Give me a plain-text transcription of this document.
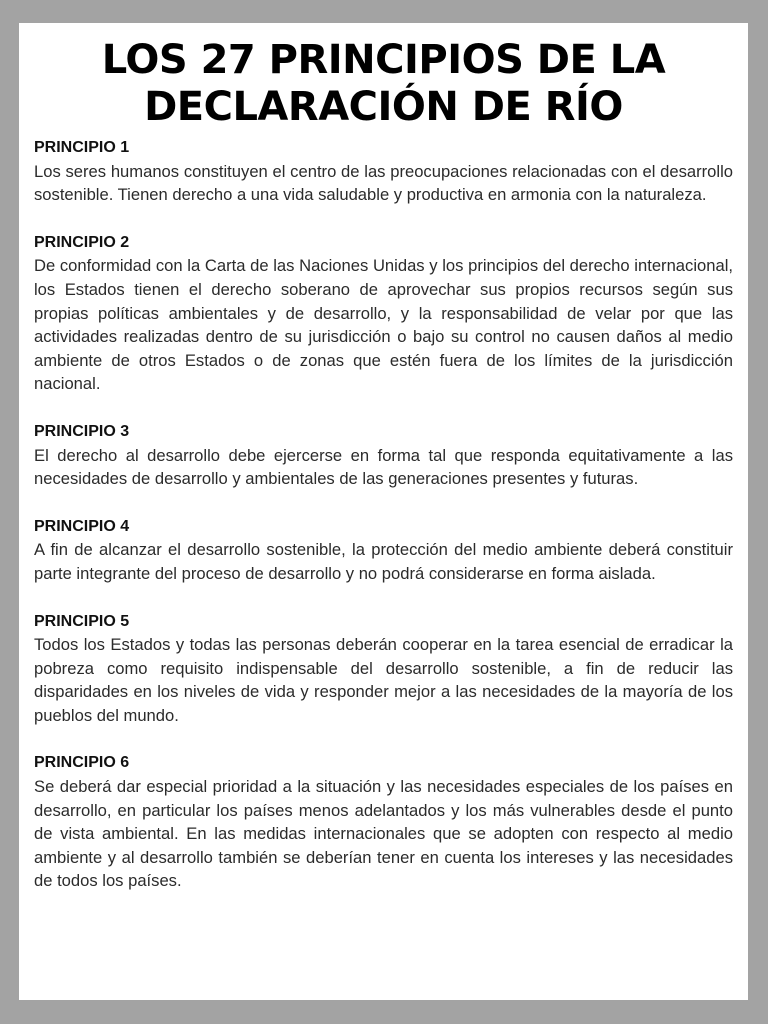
LOS 27 PRINCIPIOS DE LA
DECLARACIÓN DE RÍO

PRINCIPIO 1

Los seres humanos constituyen el centro de las preocupaciones relacionadas con el desarrollo sostenible. Tienen derecho a una vida saludable y productiva en armonia con la naturaleza.

PRINCIPIO 2

De conformidad con la Carta de las Naciones Unidas y los principios del derecho internacional, los Estados tienen el derecho soberano de aprovechar sus propios recursos según sus propias políticas ambientales y de desarrollo, y la responsabilidad de velar por que las actividades realizadas dentro de su jurisdicción o bajo su control no causen daños al medio ambiente de otros Estados o de zonas que estén fuera de los límites de la jurisdicción nacional.

PRINCIPIO 3

El derecho al desarrollo debe ejercerse en forma tal que responda equitativamente a las necesidades de desarrollo y ambientales de las generaciones presentes y futuras.

PRINCIPIO 4

A fin de alcanzar el desarrollo sostenible, la protección del medio ambiente deberá constituir parte integrante del proceso de desarrollo y no podrá considerarse en forma aislada.

PRINCIPIO 5

Todos los Estados y todas las personas deberán cooperar en la tarea esencial de erradicar la pobreza como requisito indispensable del desarrollo sostenible, a fin de reducir las disparidades en los niveles de vida y responder mejor a las necesidades de la mayoría de los pueblos del mundo.

PRINCIPIO 6

Se deberá dar especial prioridad a la situación y las necesidades especiales de los países en desarrollo, en particular los países menos adelantados y los más vulnerables desde el punto de vista ambiental. En las medidas internacionales que se adopten con respecto al medio ambiente y al desarrollo también se deberían tener en cuenta los intereses y las necesidades de todos los países.
